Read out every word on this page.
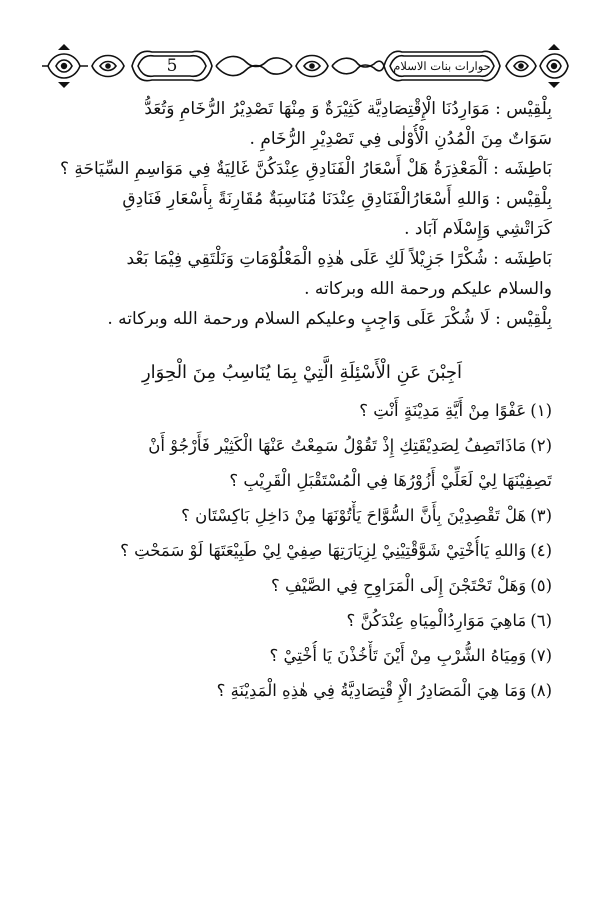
5	حوارات بنات الاسلام
بِلْقِيْس : مَوَارِدُنَا الْإِقْتِصَادِيَّة كَثِيْرَةٌ وَ مِنْهَا تَصْدِيْرُ الرُّخَامِ وَتُعَدُّ
سَوَاتٌ مِنَ الْمُدُنِ الْأُوْلٰى فِي تَصْدِيْرِ الرُّخَامِ .
بَاطِشَه : اَلْمَعْذِرَةُ هَلْ أَسْعَارُ الْفَنَادِقِ عِنْدَكُنَّ غَالِيَةٌ فِي مَوَاسِمِ السِّيَاحَةِ ؟
بِلْقِيْس : وَاللهِ أَسْعَارُالْفَنَادِقِ عِنْدَنَا مُنَاسِبَةٌ مُقَارِنَةً بِأَسْعَارِ فَنَادِقِ
كَرَاتْشِي وَإِسْلَام آبَاد .
بَاطِشَه : شُكْرًا جَزِيْلاً لَكِ عَلَى هٰذِهِ الْمَعْلُوْمَاتِ وَنَلْتَقِي فِيْمَا بَعْد
والسلام عليكم ورحمة الله وبركاته .
بِلْقِيْس : لَا شُكْرَ عَلَى وَاجِبٍ وعليكم السلام ورحمة الله وبركاته .
اَجِبْنَ عَنِ الْأَسْئِلَةِ الَّتِيْ بِمَا يُنَاسِبُ مِنَ الْحِوَارِ
(١)عَفْوًا مِنْ أَيَّةِ مَدِيْنَةٍ أَنْتِ ؟
(٢)مَاذَاتَصِفُ لِصَدِيْقَتِكِ إِذْ تَقُوْلُ سَمِعْتُ عَنْهَا الْكَثِيْر فَأَرْجُوْ أَنْ
تَصِفِيْنَهَا لِيْ لَعَلِّيْ أَزُوْرُهَا فِي الْمُسْتَقْبَلِ الْقَرِيْبِ ؟
(٣)هَلْ تَقْصِدِيْنَ بِأَنَّ السُّوَّاحَ يَأْتُوْنَهَا مِنْ دَاخِلِ بَاكِسْتَان ؟
(٤)وَاللهِ يَاأُخْتِيْ شَوَّقْتِيْنِيْ لِزِيَارَتِهَا صِفِيْ لِيْ طَبِيْعَتَهَا لَوْ سَمَحْتِ ؟
(٥)وَهَلْ تَحْتَجْنَ إِلَى الْمَرَاوِحِ فِي الصَّيْفِ ؟
(٦)مَاهِيَ مَوَارِدُالْمِيَاهِ عِنْدَكُنَّ ؟
(٧)وَمِيَاهُ الشُّرْبِ مِنْ أَيْنَ تَأْخُذْنَ يَا أُخْتِيْ ؟
(٨)وَمَا هِيَ الْمَصَادِرُ الْإِ قْتِصَادِيَّةُ فِي هٰذِهِ الْمَدِيْنَةِ ؟
